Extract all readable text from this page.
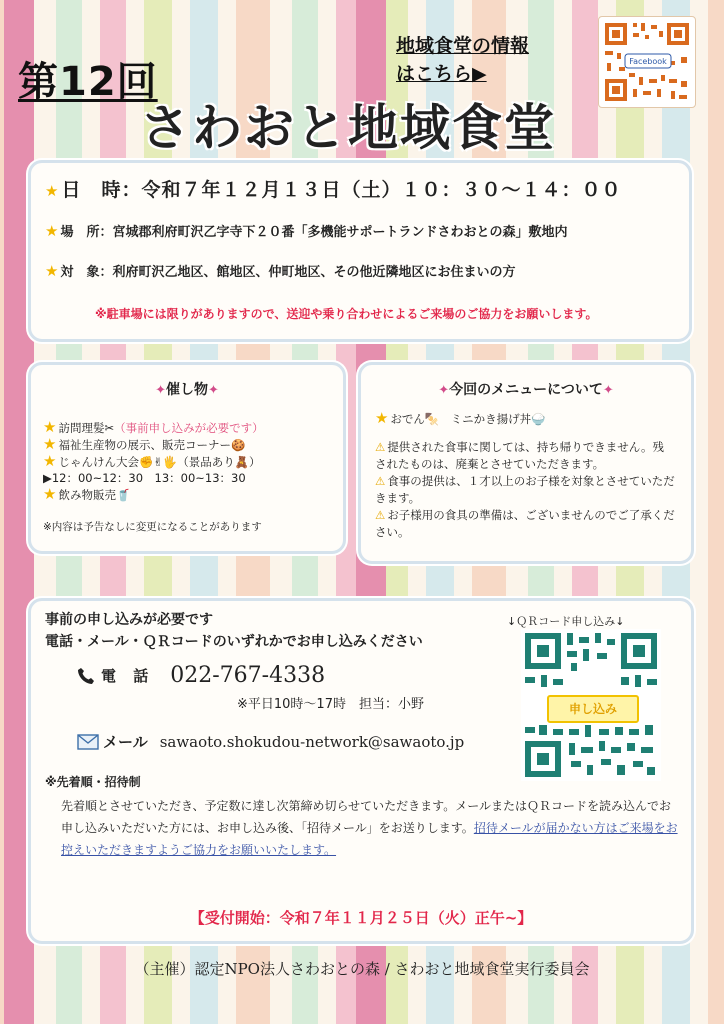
第12回
さわおと地域食堂
地域食堂の情報
はこちら▶
Facebook
★ 日　時：令和７年１２月１３日（土）１０：３０～１４：００
★ 場　所：宮城郡利府町沢乙字寺下２０番「多機能サポートランドさわおとの森」敷地内
★ 対　象：利府町沢乙地区、館地区、仲町地区、その他近隣地区にお住まいの方
※駐車場には限りがありますので、送迎や乗り合わせによるご来場のご協力をお願いします。
✦催し物✦
★ 訪問理髪✂（事前申し込みが必要です）
★ 福祉生産物の展示、販売コーナー🍪
★ じゃんけん大会✊✌🖐（景品あり🧸）
▶12：00~12：30　13：00~13：30
★ 飲み物販売🥤
※内容は予告なしに変更になることがあります
✦今回のメニューについて✦
★ おでん🍢　ミニかき揚げ丼🍚
⚠ 提供された食事に関しては、持ち帰りできません。残されたものは、廃棄とさせていただきます。
⚠ 食事の提供は、１才以上のお子様を対象とさせていただきます。
⚠ お子様用の食具の準備は、ございませんのでご了承ください。
事前の申し込みが必要です
電話・メール・ＱＲコードのいずれかでお申し込みください
↓ＱＲコード申し込み↓
申し込み
電 話 022-767-4338
※平日10時～17時　担当：小野
メール sawaoto.shokudou-network@sawaoto.jp
※先着順・招待制
先着順とさせていただき、予定数に達し次第締め切らせていただきます。メールまたはＱＲコードを読み込んでお申し込みいただいた方には、お申し込み後、「招待メール」をお送りします。招待メールが届かない方はご来場をお控えいただきますようご協力をお願いいたします。
【受付開始：令和７年１１月２５日（火）正午~】
（主催）認定NPO法人さわおとの森 / さわおと地域食堂実行委員会
